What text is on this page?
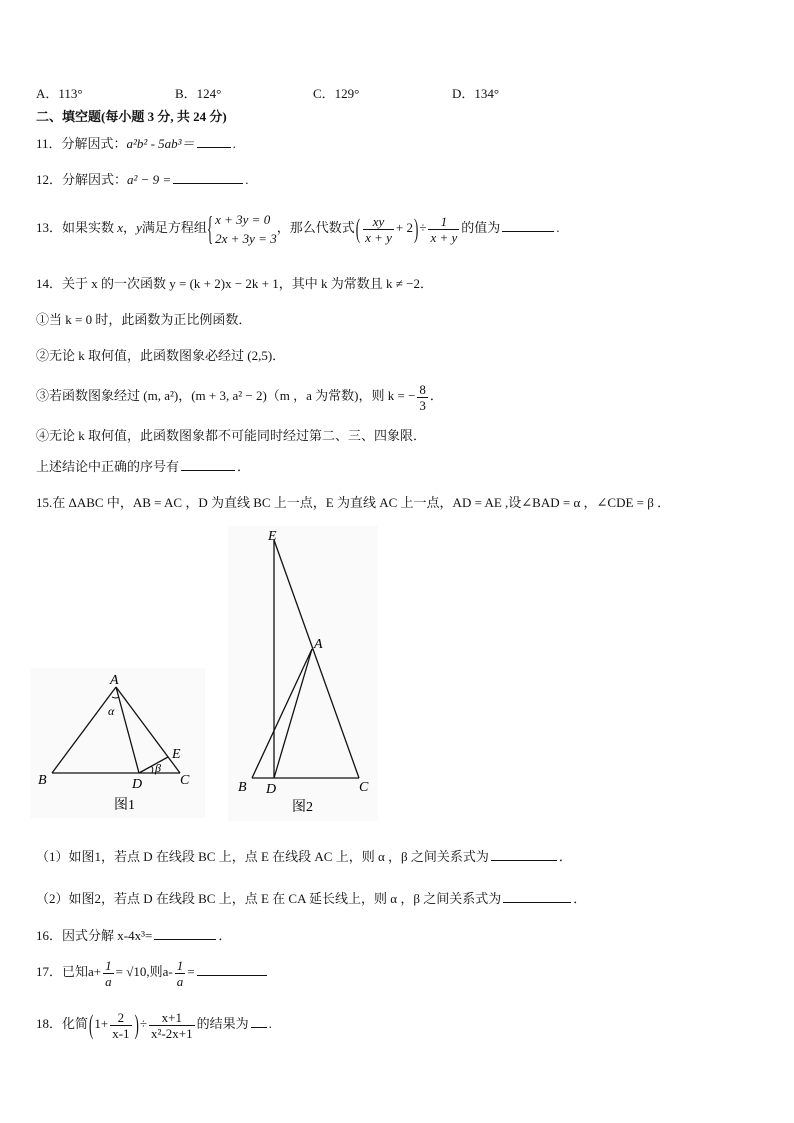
A．113°	B．124°	C．129°	D．134°
二、填空题(每小题 3 分, 共 24 分)
11．分解因式：a²b² - 5ab³＝	.
12．分解因式：a² − 9 =	.
13．如果实数 x，y满足方程组{ x + 3y = 0
2x + 3y = 3
，那么代数式( $\frac{xy}{x + y} + 2)\div \frac{1}{x + y}$ 的值为	.
14．关于 x 的一次函数 y = (k + 2)x − 2k + 1，其中 k 为常数且 k ≠ −2．
①当 k = 0 时，此函数为正比例函数．
②无论 k 取何值，此函数图象必经过 (2,5)．
③若函数图象经过 (m, a²)，(m + 3, a² − 2)（m ，a 为常数)，则 k = − $\frac{8}{3}$ ．
④无论 k 取何值，此函数图象都不可能同时经过第二、三、四象限．
上述结论中正确的序号有	．
15.在 ΔABC 中，AB = AC ，D 为直线 BC 上一点，E 为直线 AC 上一点，AD = AE ,设∠BAD = α ，∠CDE = β ．
A
B	C
D
E
α
β
图1
E
A
B D	C
图2
（1）如图1，若点 D 在线段 BC 上，点 E 在线段 AC 上，则 α ，β 之间关系式为	．
（2）如图2，若点 D 在线段 BC 上，点 E 在 CA 延长线上，则 α ，β 之间关系式为	．
16．因式分解 x-4x³=	．
17．已知$a+ \frac{1}{a} = √10$,则$a- \frac{1}{a}$ =
18．化简($1+ \frac{2}{x-1}$ )÷ $\frac{x+1}{\text{x²-2x+1}}$ 的结果为 .
